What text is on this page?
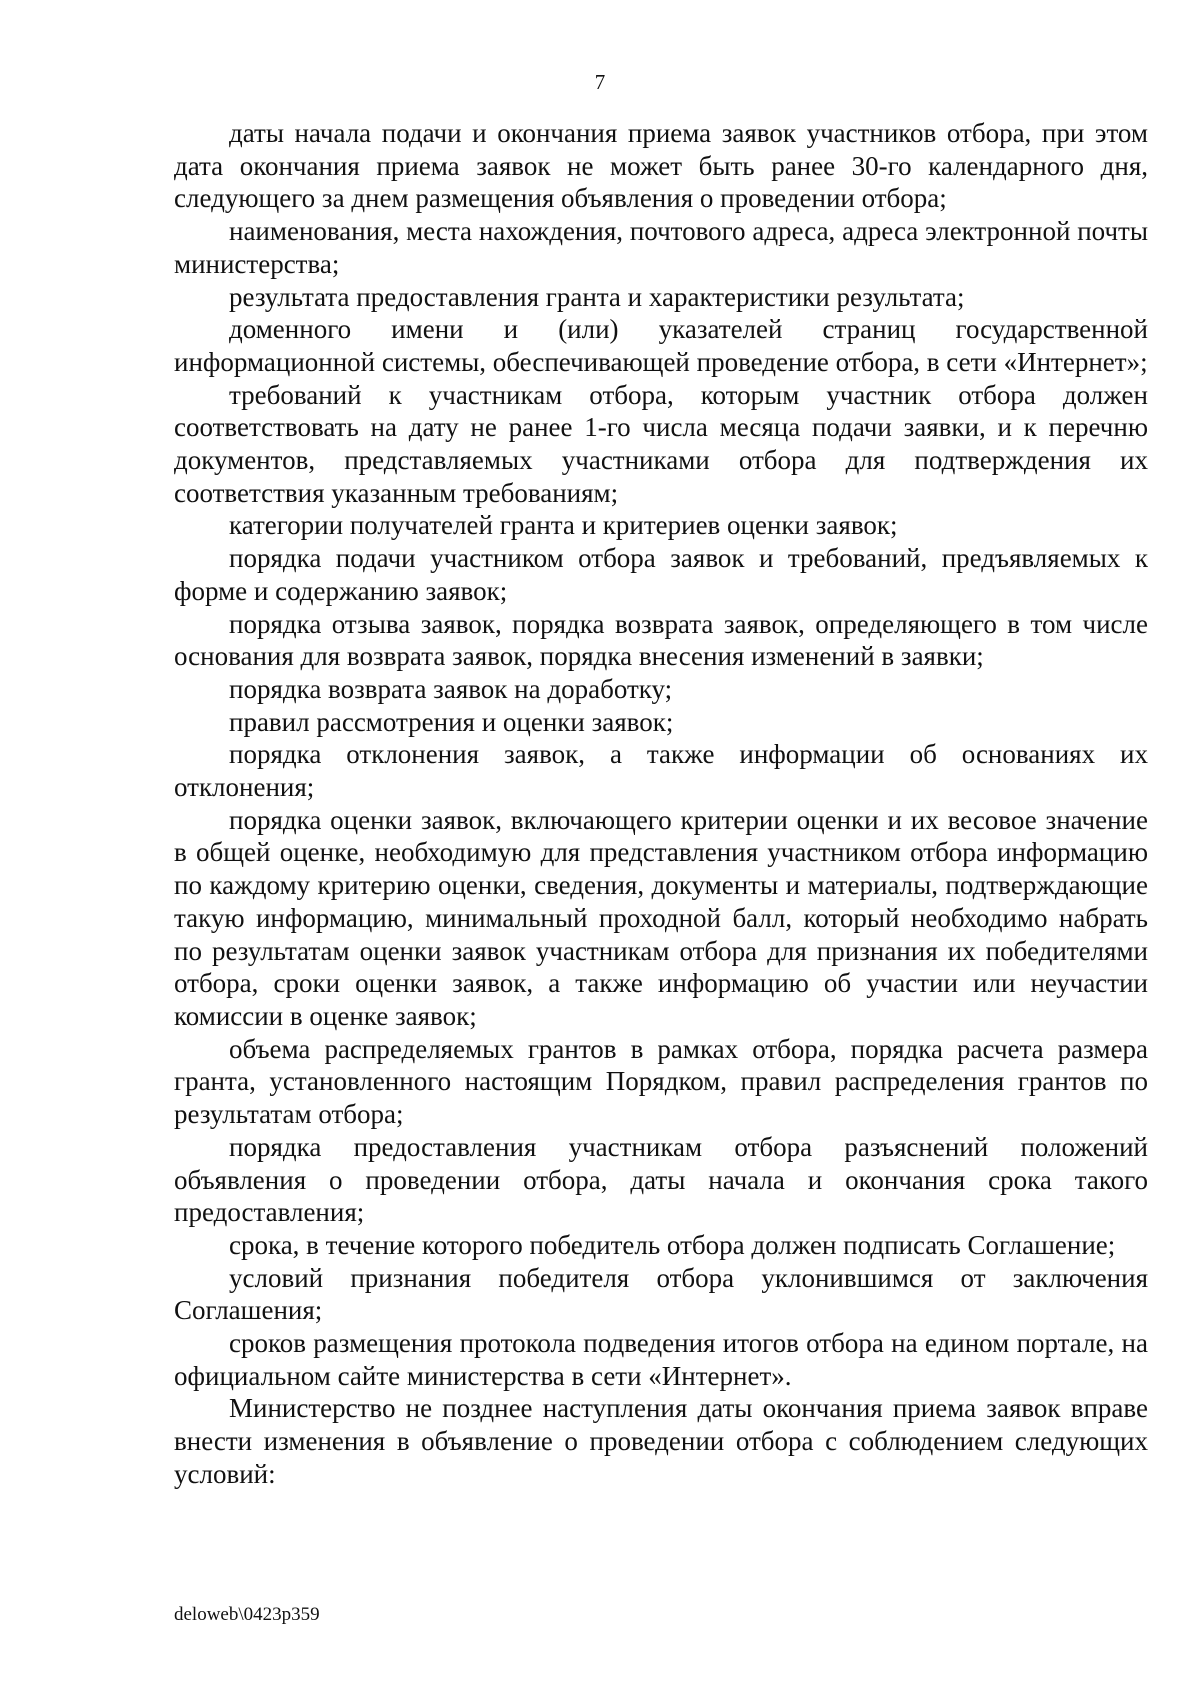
7

даты начала подачи и окончания приема заявок участников отбора, при этом дата окончания приема заявок не может быть ранее 30-го календарного дня, следующего за днем размещения объявления о проведении отбора;

наименования, места нахождения, почтового адреса, адреса электронной почты министерства;

результата предоставления гранта и характеристики результата;

доменного имени и (или) указателей страниц государственной информационной системы, обеспечивающей проведение отбора, в сети «Интернет»;

требований к участникам отбора, которым участник отбора должен соответствовать на дату не ранее 1-го числа месяца подачи заявки, и к перечню документов, представляемых участниками отбора для подтверждения их соответствия указанным требованиям;

категории получателей гранта и критериев оценки заявок;

порядка подачи участником отбора заявок и требований, предъявляемых к форме и содержанию заявок;

порядка отзыва заявок, порядка возврата заявок, определяющего в том числе основания для возврата заявок, порядка внесения изменений в заявки;

порядка возврата заявок на доработку;

правил рассмотрения и оценки заявок;

порядка отклонения заявок, а также информации об основаниях их отклонения;

порядка оценки заявок, включающего критерии оценки и их весовое значение в общей оценке, необходимую для представления участником отбора информацию по каждому критерию оценки, сведения, документы и материалы, подтверждающие такую информацию, минимальный проходной балл, который необходимо набрать по результатам оценки заявок участникам отбора для признания их победителями отбора, сроки оценки заявок, а также информацию об участии или неучастии комиссии в оценке заявок;

объема распределяемых грантов в рамках отбора, порядка расчета размера гранта, установленного настоящим Порядком, правил распределения грантов по результатам отбора;

порядка предоставления участникам отбора разъяснений положений объявления о проведении отбора, даты начала и окончания срока такого предоставления;

срока, в течение которого победитель отбора должен подписать Соглашение;

условий признания победителя отбора уклонившимся от заключения Соглашения;

сроков размещения протокола подведения итогов отбора на едином портале, на официальном сайте министерства в сети «Интернет».

Министерство не позднее наступления даты окончания приема заявок вправе внести изменения в объявление о проведении отбора с соблюдением следующих условий:

deloweb\0423p359
